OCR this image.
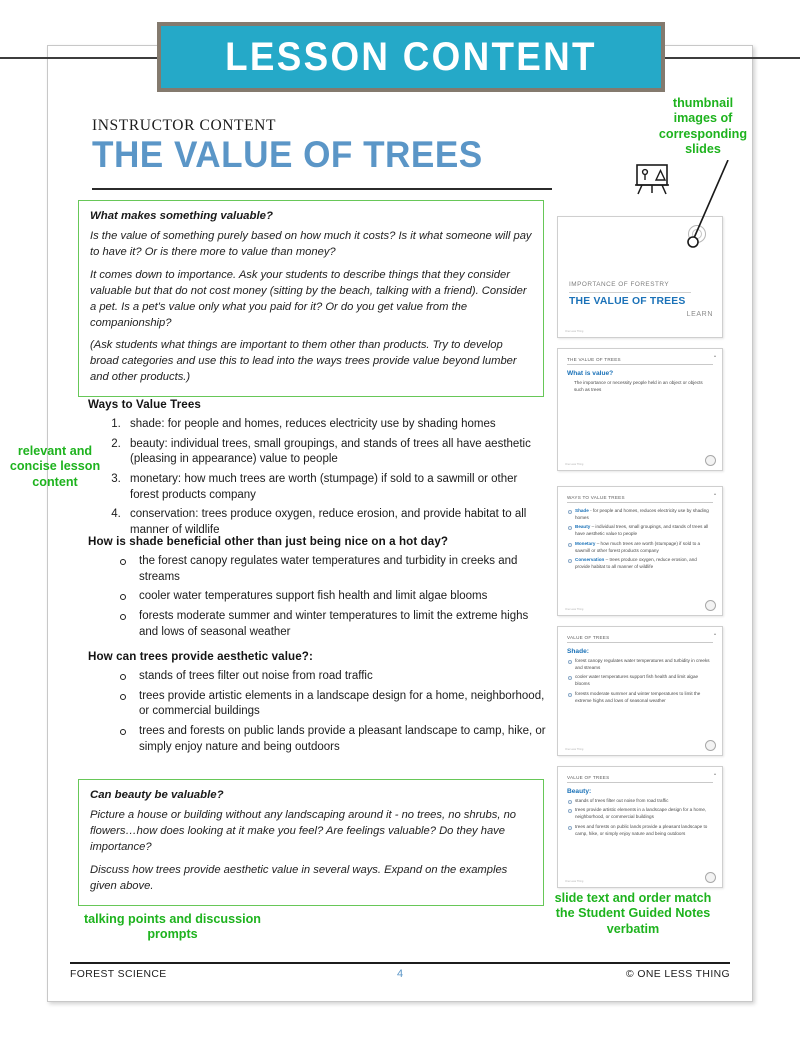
LESSON CONTENT
INSTRUCTOR CONTENT
THE VALUE OF TREES
What makes something valuable?

Is the value of something purely based on how much it costs? Is it what someone will pay to have it? Or is there more to value than money?

It comes down to importance. Ask your students to describe things that they consider valuable but that do not cost money (sitting by the beach, talking with a friend). Consider a pet. Is a pet's value only what you paid for it? Or do you get value from the companionship?

(Ask students what things are important to them other than products. Try to develop broad categories and use this to lead into the ways trees provide value beyond lumber and other products.)

Ways to Value Trees
1. shade: for people and homes, reduces electricity use by shading homes
2. beauty: individual trees, small groupings, and stands of trees all have aesthetic (pleasing in appearance) value to people
3. monetary: how much trees are worth (stumpage) if sold to a sawmill or other forest products company
4. conservation: trees produce oxygen, reduce erosion, and provide habitat to all manner of wildlife
How is shade beneficial other than just being nice on a hot day?
the forest canopy regulates water temperatures and turbidity in creeks and streams
cooler water temperatures support fish health and limit algae blooms
forests moderate summer and winter temperatures to limit the extreme highs and lows of seasonal weather
How can trees provide aesthetic value?:
stands of trees filter out noise from road traffic
trees provide artistic elements in a landscape design for a home, neighborhood, or commercial buildings
trees and forests on public lands provide a pleasant landscape to camp, hike, or simply enjoy nature and being outdoors
Can beauty be valuable?

Picture a house or building without any landscaping around it - no trees, no shrubs, no flowers…how does looking at it make you feel? Are feelings valuable? Do they have importance?

Discuss how trees provide aesthetic value in several ways. Expand on the examples given above.

IMPORTANCE OF FORESTRY
THE VALUE OF TREES
LEARN
One Less Thing
▴
THE VALUE OF TREES
What is value?
The importance or necessity people held in an object or objects such as trees
One Less Thing
▴
WAYS TO VALUE TREES
Shade - for people and homes, reduces electricity use by shading homes
Beauty – individual trees, small groupings, and stands of trees all have aesthetic value to people
Monetary – how much trees are worth (stumpage) if sold to a sawmill or other forest products company
Conservation – trees produce oxygen, reduce erosion, and provide habitat to all manner of wildlife
One Less Thing
▴
VALUE OF TREES
Shade:
forest canopy regulates water temperatures and turbidity in creeks and streams
cooler water temperatures support fish health and limit algae blooms
forests moderate summer and winter temperatures to limit the extreme highs and lows of seasonal weather
One Less Thing
▴
VALUE OF TREES
Beauty:
stands of trees filter out noise from road traffic
trees provide artistic elements in a landscape design for a home, neighborhood, or commercial buildings
trees and forests on public lands provide a pleasant landscape to camp, hike, or simply enjoy nature and being outdoors
One Less Thing
thumbnail images of corresponding slides
relevant and concise lesson content
talking points and discussion prompts
slide text and order match the Student Guided Notes verbatim
FOREST SCIENCE	4	© ONE LESS THING
